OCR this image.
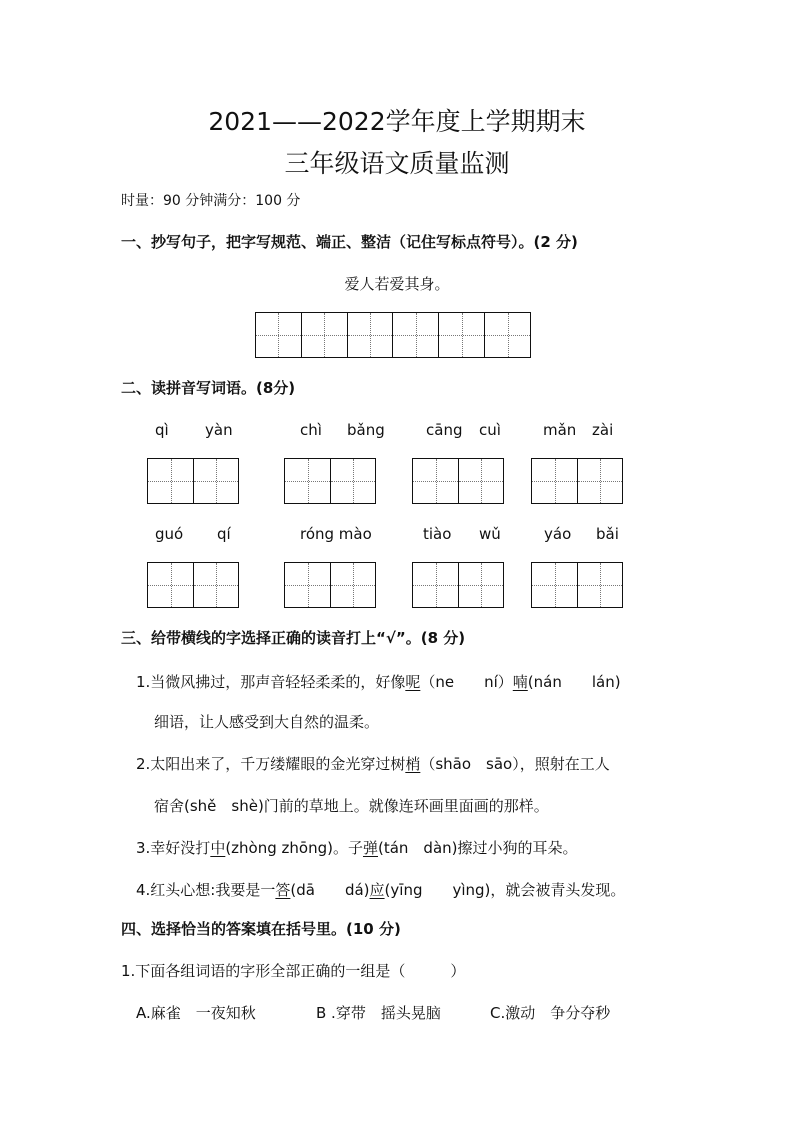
2021——2022学年度上学期期末
三年级语文质量监测
时量：90 分钟满分：100 分
一、抄写句子，把字写规范、端正、整洁（记住写标点符号）。(2 分)
爱人若爱其身。
二、读拼音写词语。(8分)
qì yàn	chì bǎng	cāng cuì	mǎn zài
guó qí	róng mào	tiào wǔ	yáo bǎi
三、给带横线的字选择正确的读音打上“√”。(8 分)
1.当微风拂过，那声音轻轻柔柔的，好像呢（ne　　ní）喃(nán　　lán)
细语，让人感受到大自然的温柔。
2.太阳出来了，千万缕耀眼的金光穿过树梢（shāo　sāo），照射在工人
宿舍(shě　shè)门前的草地上。就像连环画里面画的那样。
3.幸好没打中(zhòng zhōng)。子弹(tán　dàn)擦过小狗的耳朵。
4.红头心想:我要是一答(dā　　dá)应(yīng　　yìng)，就会被青头发现。
四、选择恰当的答案填在括号里。(10 分)
1.下面各组词语的字形全部正确的一组是（　　　）
A.麻雀　一夜知秋	B .穿带　摇头晃脑	C.激动　争分夺秒
